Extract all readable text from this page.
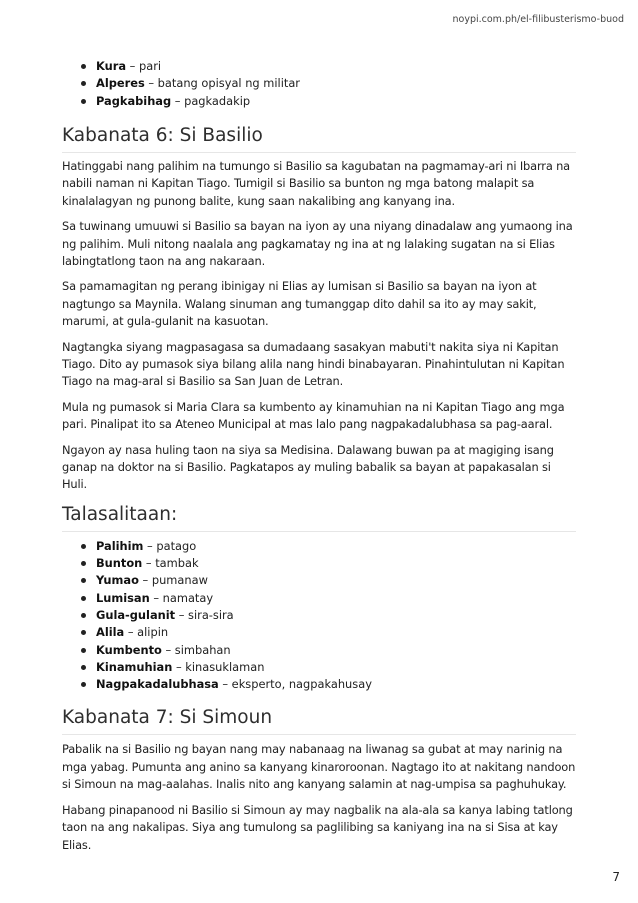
noypi.com.ph/el-filibusterismo-buod
Kura – pari
Alperes – batang opisyal ng militar
Pagkabihag – pagkadakip
Kabanata 6: Si Basilio

Hatinggabi nang palihim na tumungo si Basilio sa kagubatan na pagmamay-ari ni Ibarra na nabili naman ni Kapitan Tiago. Tumigil si Basilio sa bunton ng mga batong malapit sa kinalalagyan ng punong balite, kung saan nakalibing ang kanyang ina.

Sa tuwinang umuuwi si Basilio sa bayan na iyon ay una niyang dinadalaw ang yumaong ina ng palihim. Muli nitong naalala ang pagkamatay ng ina at ng lalaking sugatan na si Elias labingtatlong taon na ang nakaraan.

Sa pamamagitan ng perang ibinigay ni Elias ay lumisan si Basilio sa bayan na iyon at nagtungo sa Maynila. Walang sinuman ang tumanggap dito dahil sa ito ay may sakit, marumi, at gula-gulanit na kasuotan.

Nagtangka siyang magpasagasa sa dumadaang sasakyan mabuti't nakita siya ni Kapitan Tiago. Dito ay pumasok siya bilang alila nang hindi binabayaran. Pinahintulutan ni Kapitan Tiago na mag-aral si Basilio sa San Juan de Letran.

Mula ng pumasok si Maria Clara sa kumbento ay kinamuhian na ni Kapitan Tiago ang mga pari. Pinalipat ito sa Ateneo Municipal at mas lalo pang nagpakadalubhasa sa pag-aaral.

Ngayon ay nasa huling taon na siya sa Medisina. Dalawang buwan pa at magiging isang ganap na doktor na si Basilio. Pagkatapos ay muling babalik sa bayan at papakasalan si Huli.

Talasalitaan:
Palihim – patago
Bunton – tambak
Yumao – pumanaw
Lumisan – namatay
Gula-gulanit – sira-sira
Alila – alipin
Kumbento – simbahan
Kinamuhian – kinasuklaman
Nagpakadalubhasa – eksperto, nagpakahusay
Kabanata 7: Si Simoun

Pabalik na si Basilio ng bayan nang may nabanaag na liwanag sa gubat at may narinig na mga yabag. Pumunta ang anino sa kanyang kinaroroonan. Nagtago ito at nakitang nandoon si Simoun na mag-aalahas. Inalis nito ang kanyang salamin at nag-umpisa sa paghuhukay.

Habang pinapanood ni Basilio si Simoun ay may nagbalik na ala-ala sa kanya labing tatlong taon na ang nakalipas. Siya ang tumulong sa paglilibing sa kaniyang ina na si Sisa at kay Elias.

7
